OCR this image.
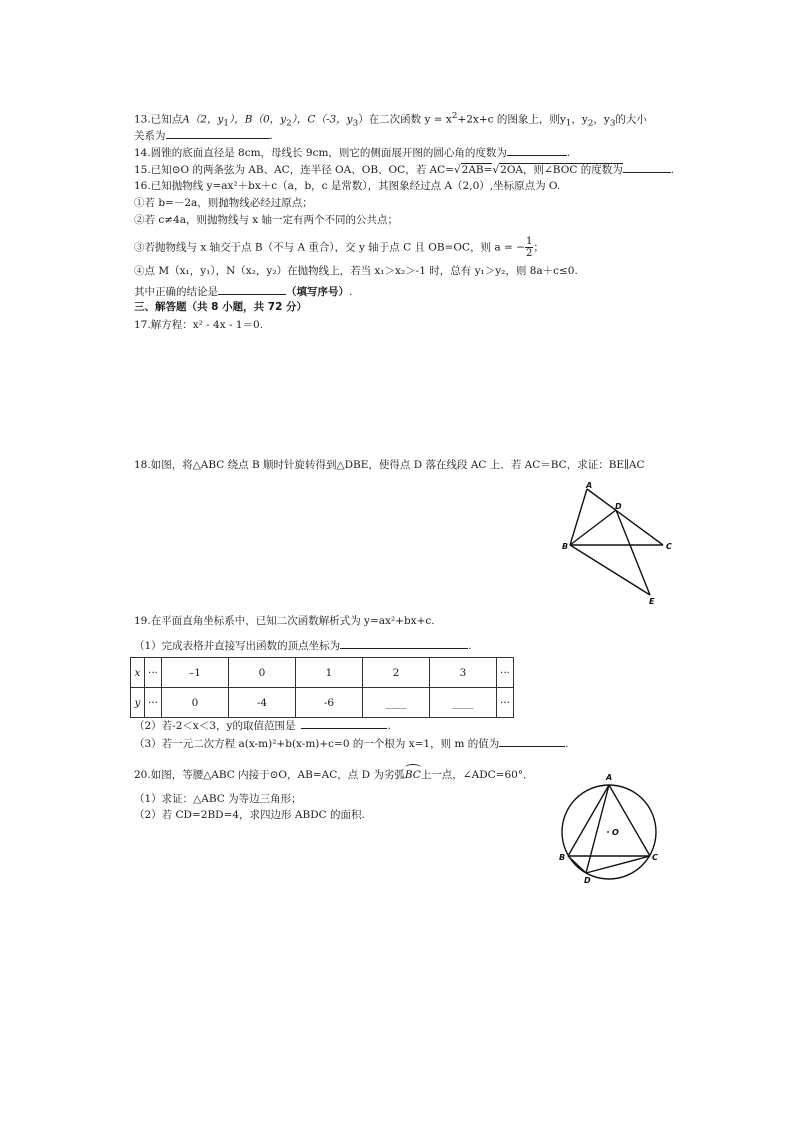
13.已知点A（2，$y_1$），B（0，$y_2$），C（-3，$y_3$）在二次函数 $y = x^2+2x+c$ 的图象上，则$y_1$，$y_2$，$y_3$的大小
关系为	.
14.圆锥的底面直径是 8cm，母线长 9cm，则它的侧面展开图的圆心角的度数为	.
15.已知⊙O 的两条弦为 AB、AC，连半径 OA、OB、OC，若 AC=√2AB=√2OA，则∠BOC 的度数为	.
16.已知抛物线 y=ax²＋bx＋c（a，b，c 是常数），其图象经过点 A（2,0）,坐标原点为 O.
①若 b=－2a，则抛物线必经过原点；
②若 c≠4a，则抛物线与 x 轴一定有两个不同的公共点；
③若抛物线与 x 轴交于点 B（不与 A 重合），交 y 轴于点 C 且 OB=OC，则 a = − $\frac{1}{2}$ ；
④点 M（x₁，y₁），N（x₂，y₂）在抛物线上，若当 x₁＞x₂＞-1 时，总有 y₁＞y₂，则 8a＋c≤0.
其中正确的结论是	（填写序号）.
三、解答题（共 8 小题，共 72 分）
17.解方程：x² - 4x - 1＝0.
18.如图，将△ABC 绕点 B 顺时针旋转得到△DBE，使得点 D 落在线段 AC 上．若 AC＝BC，求证：BE∥AC
A
D
B	C
E
19.在平面直角坐标系中，已知二次函数解析式为 y=ax²+bx+c.
（1）完成表格并直接写出函数的顶点坐标为	.
x	···	–1	0	1	2	3	···
y	···	0	-4	-6	____	____	···
（2）若-2＜x＜3，y的取值范围是	.
（3）若一元二次方程 a(x-m)²+b(x-m)+c=0 的一个根为 x=1，则 m 的值为	.
20.如图，等腰△ABC 内接于⊙O，AB=AC，点 D 为劣弧BC上一点，∠ADC=60°．
（1）求证：△ABC 为等边三角形；
（2）若 CD=2BD=4，求四边形 ABDC 的面积.
A
O
B	C
D
